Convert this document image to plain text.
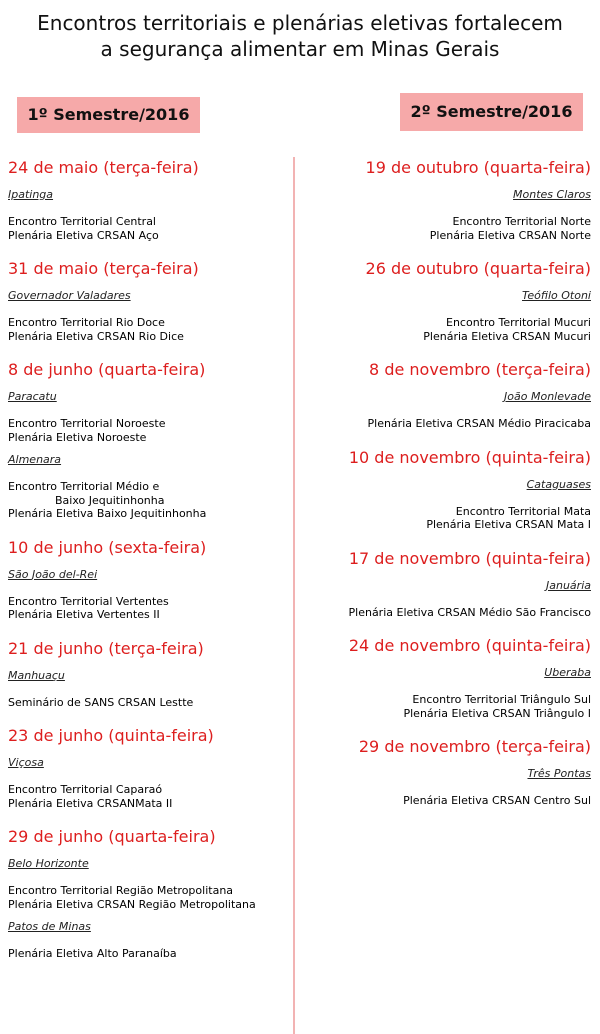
Encontros territoriais e plenárias eletivas fortalecem
a segurança alimentar em Minas Gerais
1º Semestre/2016	2º Semestre/2016
24 de maio (terça-feira)
Ipatinga
Encontro Territorial Central
Plenária Eletiva CRSAN Aço
31 de maio (terça-feira)
Governador Valadares
Encontro Territorial Rio Doce
Plenária Eletiva CRSAN Rio Dice
8 de junho (quarta-feira)
Paracatu
Encontro Territorial Noroeste
Plenária Eletiva Noroeste
Almenara
Encontro Territorial Médio e
Baixo Jequitinhonha
Plenária Eletiva Baixo Jequitinhonha
10 de junho (sexta-feira)
São João del-Rei
Encontro Territorial Vertentes
Plenária Eletiva Vertentes II
21 de junho (terça-feira)
Manhuaçu
Seminário de SANS CRSAN Lestte
23 de junho (quinta-feira)
Viçosa
Encontro Territorial Caparaó
Plenária Eletiva CRSANMata II
29 de junho (quarta-feira)
Belo Horizonte
Encontro Territorial Região Metropolitana
Plenária Eletiva CRSAN Região Metropolitana
Patos de Minas
Plenária Eletiva Alto Paranaíba
19 de outubro (quarta-feira)
Montes Claros
Encontro Territorial Norte
Plenária Eletiva CRSAN Norte
26 de outubro (quarta-feira)
Teófilo Otoni
Encontro Territorial Mucuri
Plenária Eletiva CRSAN Mucuri
8 de novembro (terça-feira)
João Monlevade
Plenária Eletiva CRSAN Médio Piracicaba
10 de novembro (quinta-feira)
Cataguases
Encontro Territorial Mata
Plenária Eletiva CRSAN Mata I
17 de novembro (quinta-feira)
Januária
Plenária Eletiva CRSAN Médio São Francisco
24 de novembro (quinta-feira)
Uberaba
Encontro Territorial Triângulo Sul
Plenária Eletiva CRSAN Triângulo I
29 de novembro (terça-feira)
Três Pontas
Plenária Eletiva CRSAN Centro Sul
